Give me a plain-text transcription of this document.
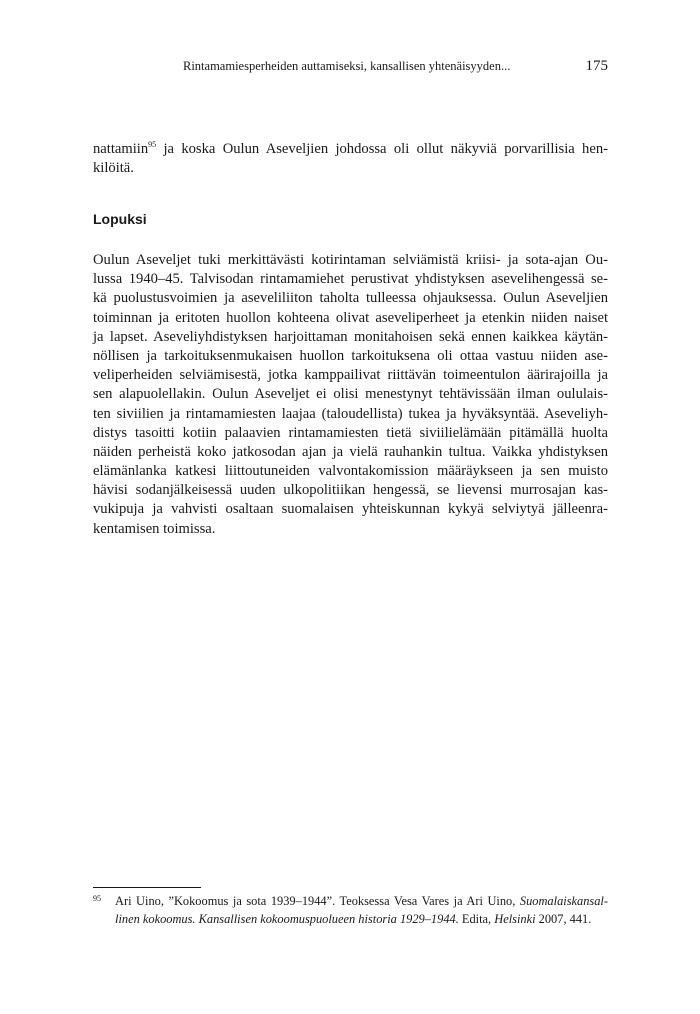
Rintamamiesperheiden auttamiseksi, kansallisen yhtenäisyyden...	175

nattamiin$^{95}$ ja koska Oulun Aseveljien johdossa oli ollut näkyviä porvarillisia hen-
kilöitä.

Lopuksi

Oulun Aseveljet tuki merkittävästi kotirintaman selviämistä kriisi- ja sota-ajan Ou-
lussa 1940–45. Talvisodan rintamamiehet perustivat yhdistyksen asevelihengessä se-
kä puolustusvoimien ja aseveliliiton taholta tulleessa ohjauksessa. Oulun Aseveljien
toiminnan ja eritoten huollon kohteena olivat aseveliperheet ja etenkin niiden naiset
ja lapset. Aseveliyhdistyksen harjoittaman monitahoisen sekä ennen kaikkea käytän-
nöllisen ja tarkoituksenmukaisen huollon tarkoituksena oli ottaa vastuu niiden ase-
veliperheiden selviämisestä, jotka kamppailivat riittävän toimeentulon äärirajoilla ja
sen alapuolellakin. Oulun Aseveljet ei olisi menestynyt tehtävissään ilman oululais-
ten siviilien ja rintamamiesten laajaa (taloudellista) tukea ja hyväksyntää. Aseveliyh-
distys tasoitti kotiin palaavien rintamamiesten tietä siviilielämään pitämällä huolta
näiden perheistä koko jatkosodan ajan ja vielä rauhankin tultua. Vaikka yhdistyksen
elämänlanka katkesi liittoutuneiden valvontakomission määräykseen ja sen muisto
hävisi sodanjälkeisessä uuden ulkopolitiikan hengessä, se lievensi murrosajan kas-
vukipuja ja vahvisti osaltaan suomalaisen yhteiskunnan kykyä selviytyä jälleenra-
kentamisen toimissa.

95 Ari Uino, ”Kokoomus ja sota 1939–1944”. Teoksessa Vesa Vares ja Ari Uino, Suomalaiskansal-
linen kokoomus. Kansallisen kokoomuspuolueen historia 1929–1944. Edita, Helsinki 2007, 441.
